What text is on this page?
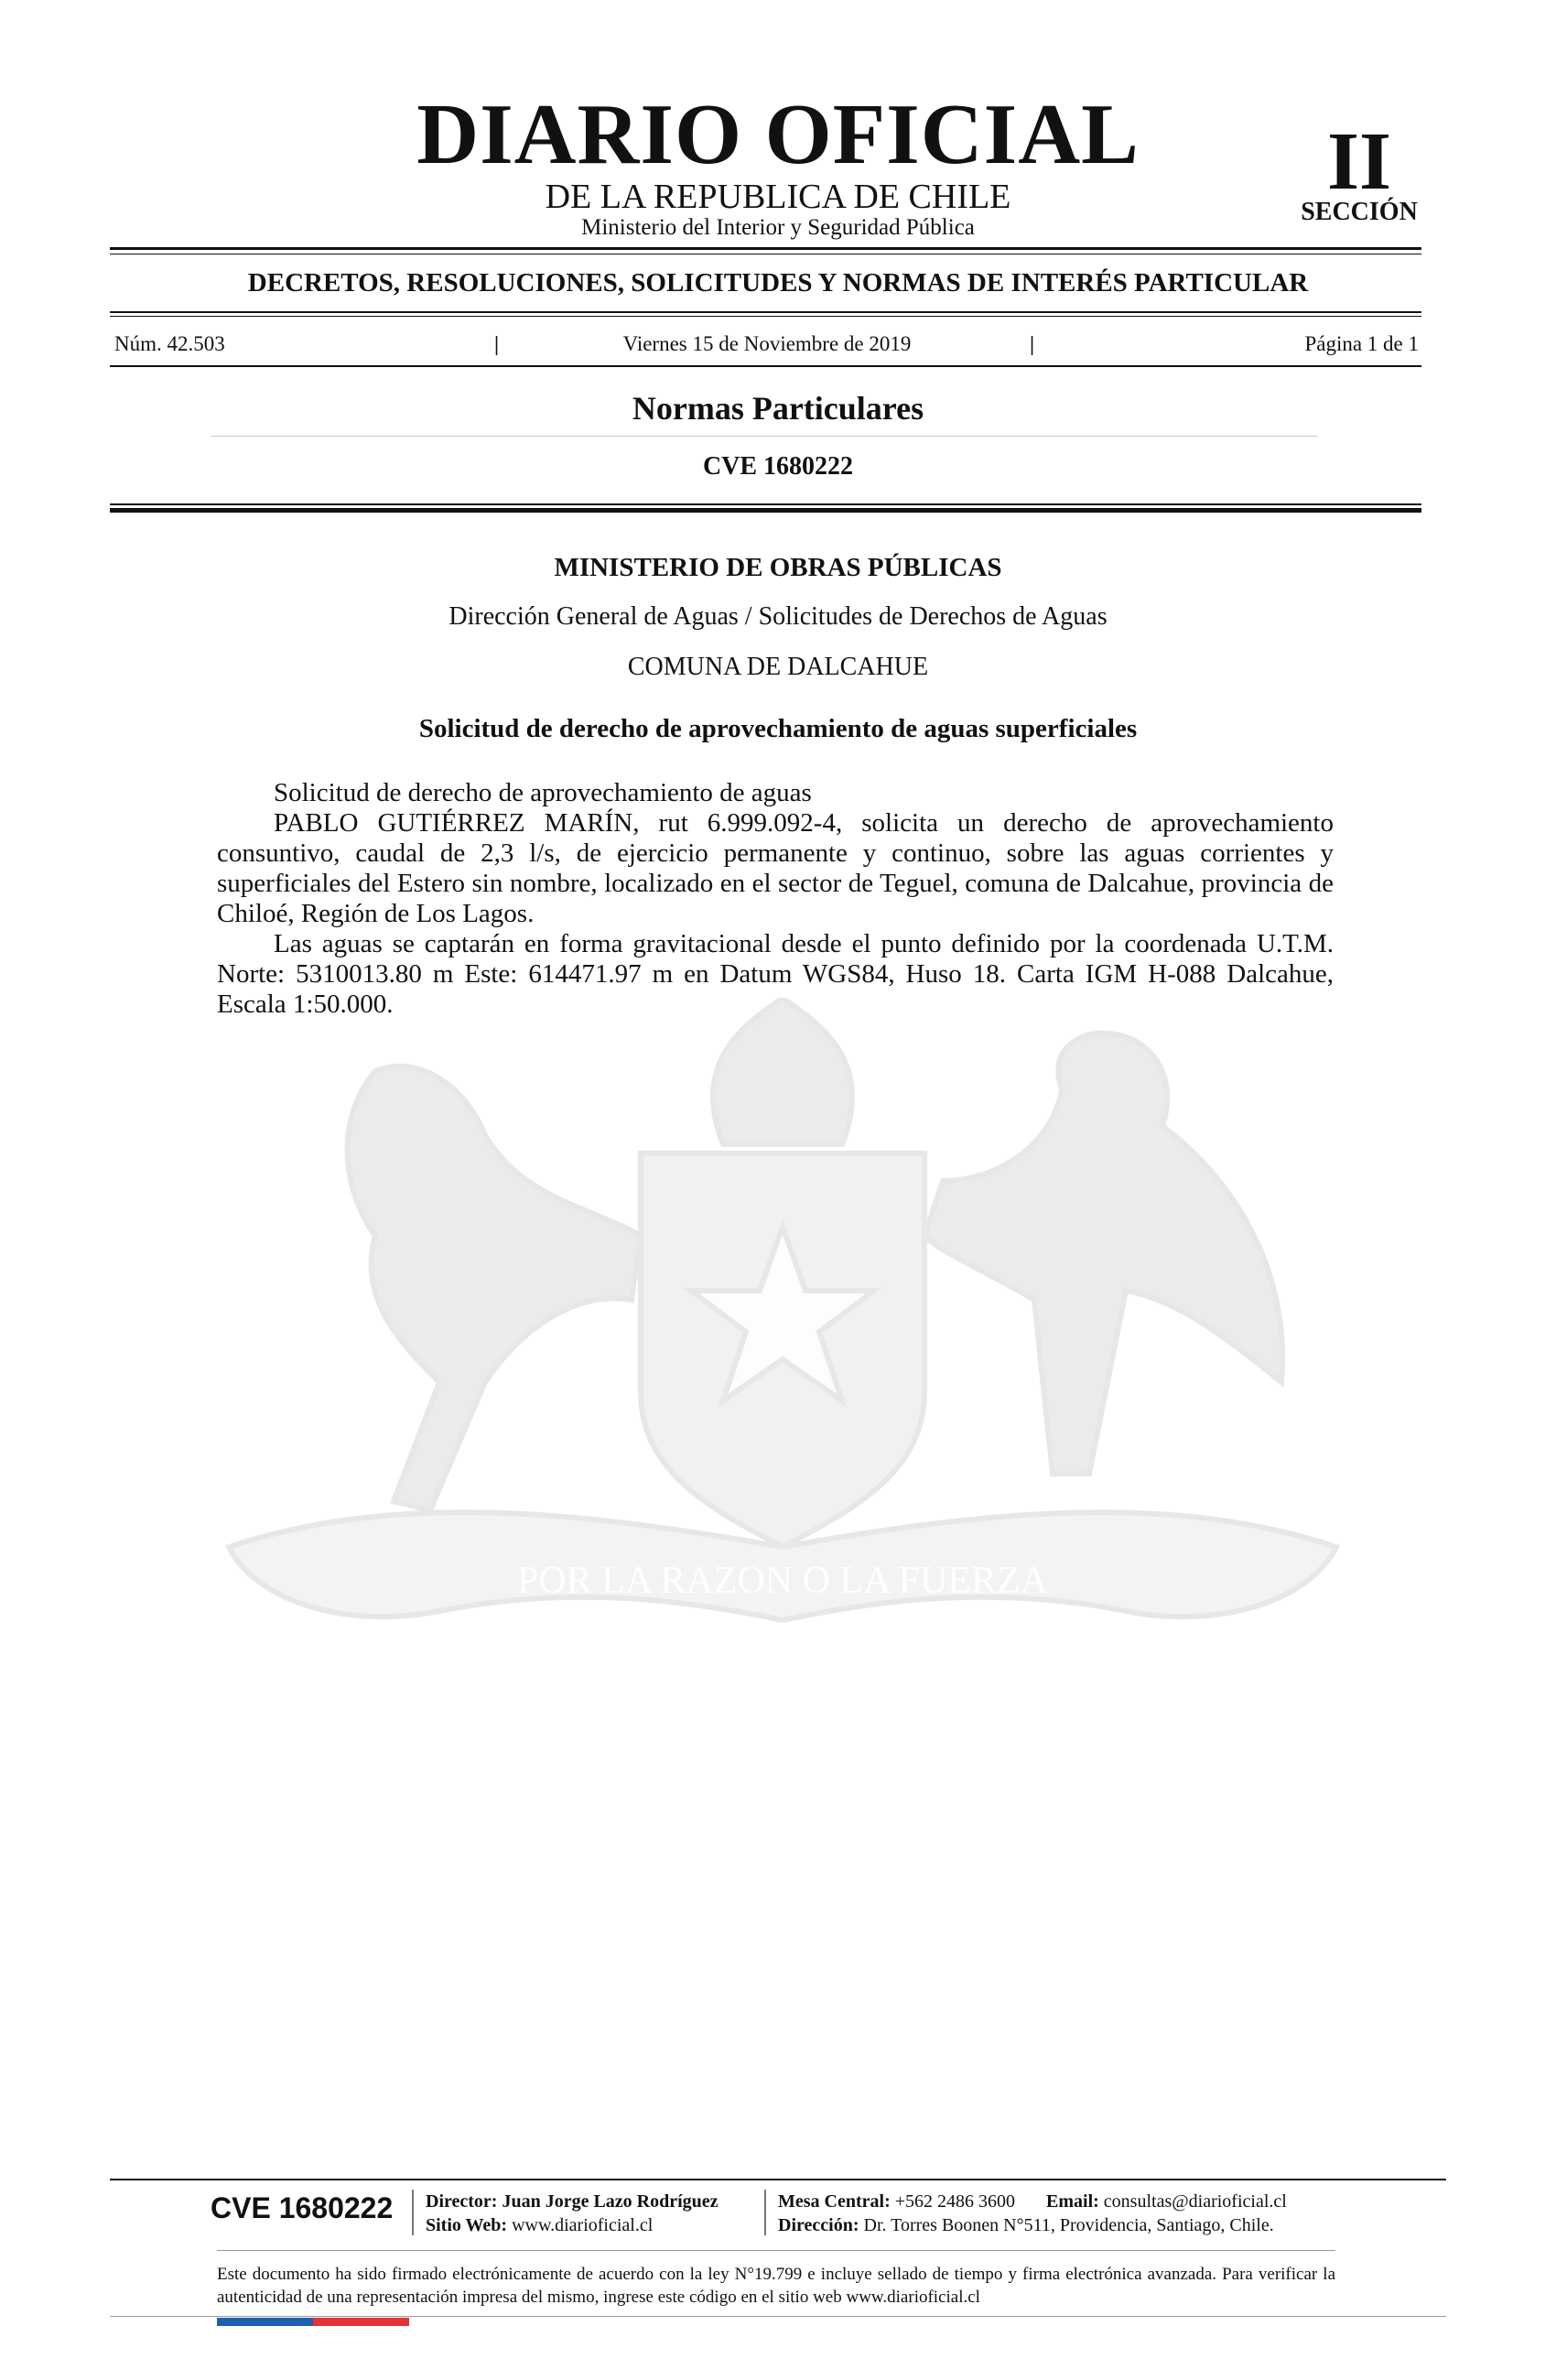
DIARIO OFICIAL
DE LA REPUBLICA DE CHILE
Ministerio del Interior y Seguridad Pública
II
SECCIÓN
DECRETOS, RESOLUCIONES, SOLICITUDES Y NORMAS DE INTERÉS PARTICULAR
Núm. 42.503	|	Viernes 15 de Noviembre de 2019	|	Página 1 de 1
Normas Particulares
CVE 1680222
POR LA RAZON O LA FUERZA
MINISTERIO DE OBRAS PÚBLICAS
Dirección General de Aguas / Solicitudes de Derechos de Aguas
COMUNA DE DALCAHUE
Solicitud de derecho de aprovechamiento de aguas superficiales

Solicitud de derecho de aprovechamiento de aguas

PABLO GUTIÉRREZ MARÍN, rut 6.999.092-4, solicita un derecho de aprovechamiento consuntivo, caudal de 2,3 l/s, de ejercicio permanente y continuo, sobre las aguas corrientes y superficiales del Estero sin nombre, localizado en el sector de Teguel, comuna de Dalcahue, provincia de Chiloé, Región de Los Lagos.

Las aguas se captarán en forma gravitacional desde el punto definido por la coordenada U.T.M. Norte: 5310013.80 m Este: 614471.97 m en Datum WGS84, Huso 18. Carta IGM H-088 Dalcahue, Escala 1:50.000.

CVE 1680222	Director: Juan Jorge Lazo Rodríguez
Sitio Web: www.diarioficial.cl
Mesa Central: +562 2486 3600 Email: consultas@diarioficial.cl
Dirección: Dr. Torres Boonen N°511, Providencia, Santiago, Chile.
Este documento ha sido firmado electrónicamente de acuerdo con la ley N°19.799 e incluye sellado de tiempo y firma electrónica avanzada. Para verificar la autenticidad de una representación impresa del mismo, ingrese este código en el sitio web www.diarioficial.cl
